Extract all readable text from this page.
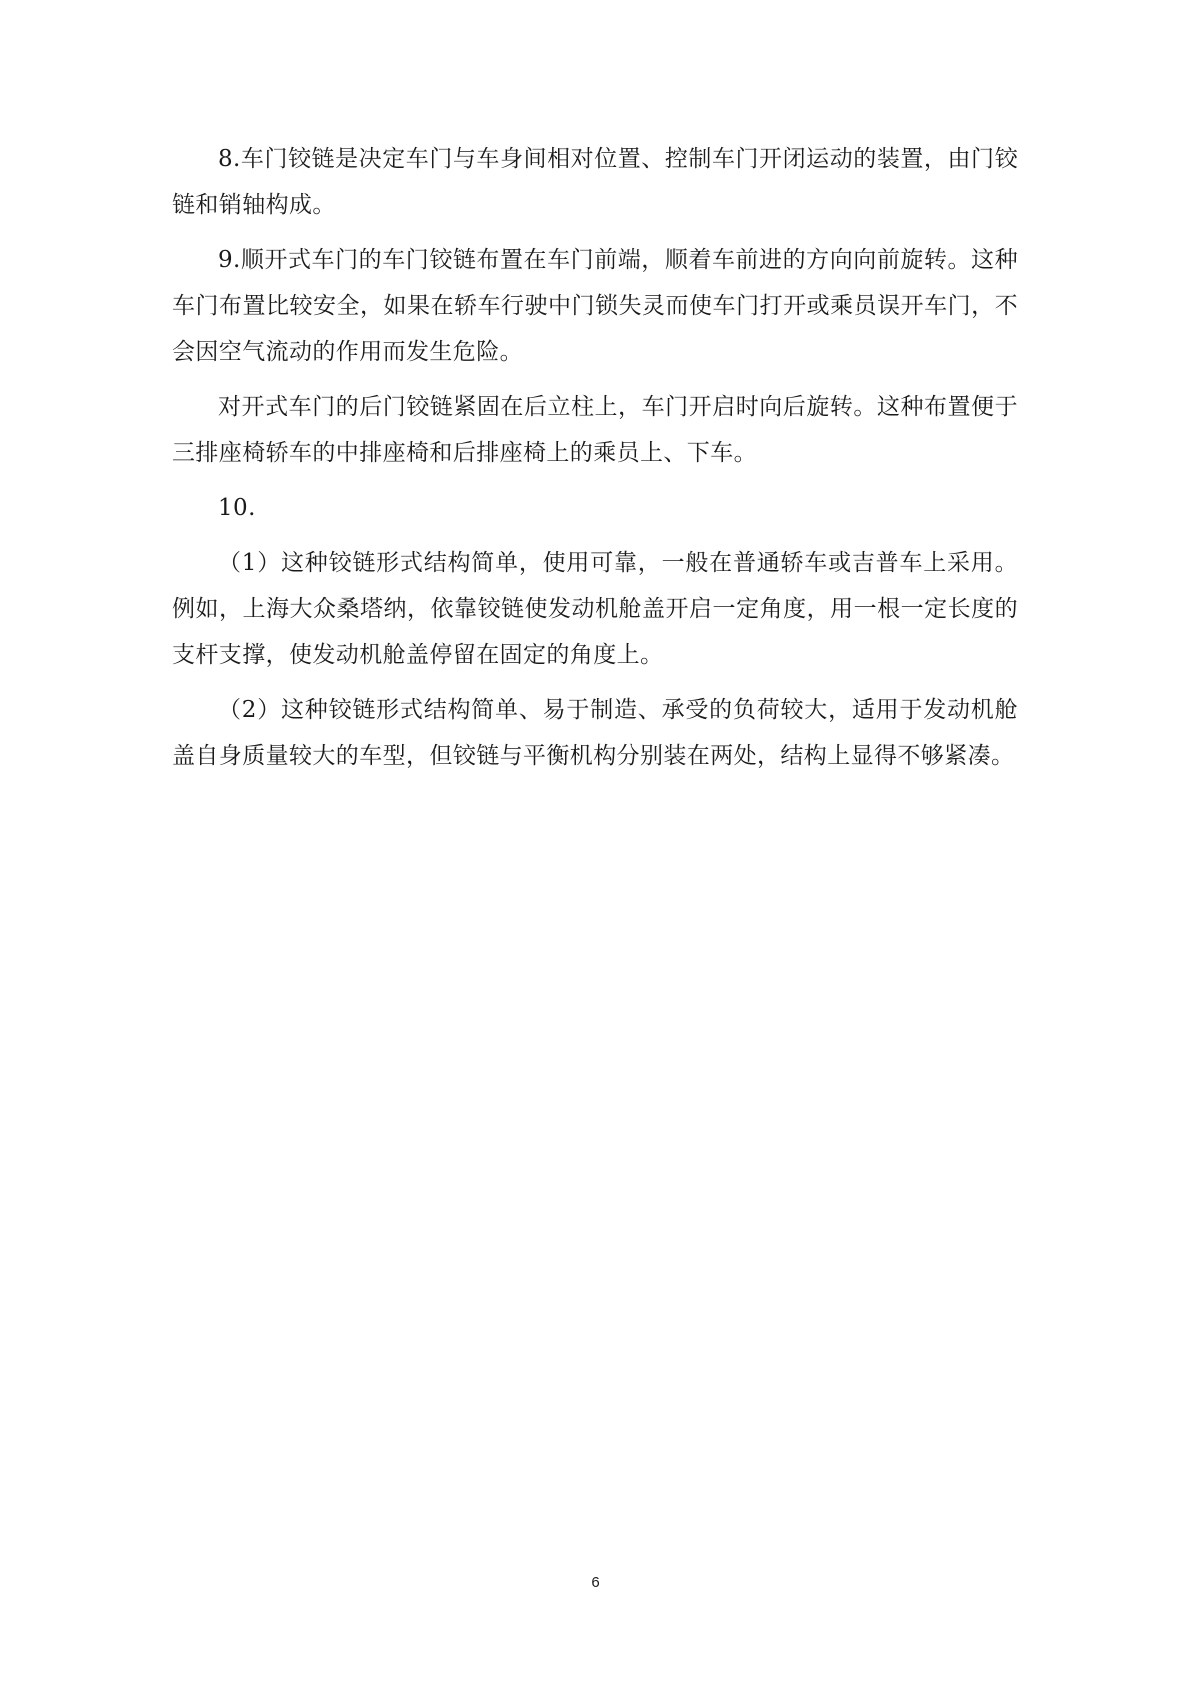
8.车门铰链是决定车门与车身间相对位置、控制车门开闭运动的装置，由门铰链和销轴构成。

9.顺开式车门的车门铰链布置在车门前端，顺着车前进的方向向前旋转。这种车门布置比较安全，如果在轿车行驶中门锁失灵而使车门打开或乘员误开车门，不会因空气流动的作用而发生危险。

对开式车门的后门铰链紧固在后立柱上，车门开启时向后旋转。这种布置便于三排座椅轿车的中排座椅和后排座椅上的乘员上、下车。

10.

（1）这种铰链形式结构简单，使用可靠，一般在普通轿车或吉普车上采用。例如，上海大众桑塔纳，依靠铰链使发动机舱盖开启一定角度，用一根一定长度的支杆支撑，使发动机舱盖停留在固定的角度上。

（2）这种铰链形式结构简单、易于制造、承受的负荷较大，适用于发动机舱盖自身质量较大的车型，但铰链与平衡机构分别装在两处，结构上显得不够紧凑。

6
